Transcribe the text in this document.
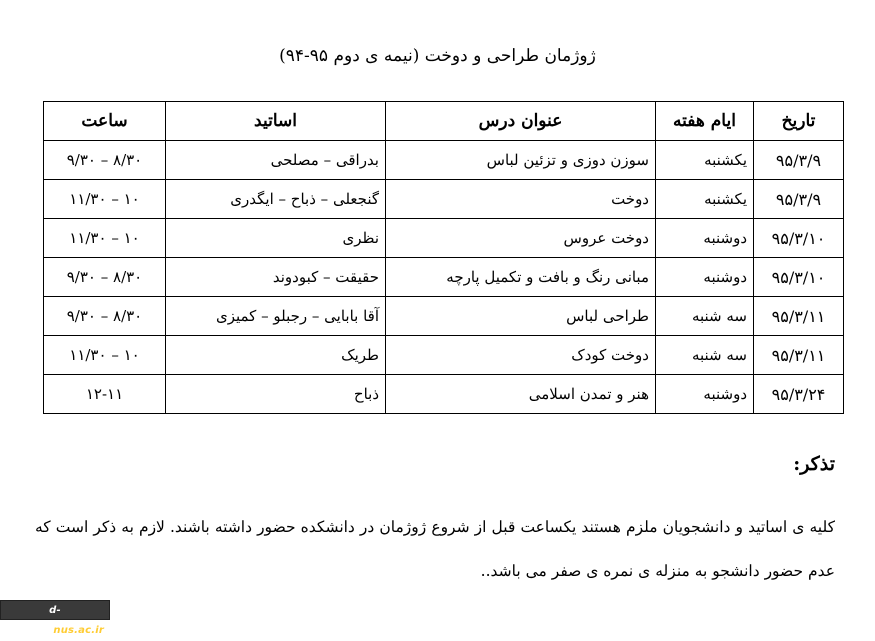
ژوژمان طراحی و دوخت (نیمه ی دوم ۹۵-۹۴)
تاریخ	ایام هفته	عنوان درس	اساتید	ساعت
۹۵/۳/۹	یکشنبه	سوزن دوزی و تزئین لباس	بدراقی – مصلحی	۸/۳۰ – ۹/۳۰
۹۵/۳/۹	یکشنبه	دوخت	گنجعلی – ذباح – ایگدری	۱۰ – ۱۱/۳۰
۹۵/۳/۱۰	دوشنبه	دوخت عروس	نظری	۱۰ – ۱۱/۳۰
۹۵/۳/۱۰	دوشنبه	مبانی رنگ و بافت و تکمیل پارچه	حقیقت – کبودوند	۸/۳۰ – ۹/۳۰
۹۵/۳/۱۱	سه شنبه	طراحی لباس	آقا بابایی – رجبلو – کمیزی	۸/۳۰ – ۹/۳۰
۹۵/۳/۱۱	سه شنبه	دوخت کودک	طریک	۱۰ – ۱۱/۳۰
۹۵/۳/۲۴	دوشنبه	هنر و تمدن اسلامی	ذباح	۱۲-۱۱
تذکر:
کلیه ی اساتید و دانشجویان ملزم هستند یکساعت قبل از شروع ژوژمان در دانشکده حضور داشته باشند. لازم به ذکر است که عدم حضور دانشجو به منزله ی نمره ی صفر می باشد..
d-gonbad.nus.ac.ir
